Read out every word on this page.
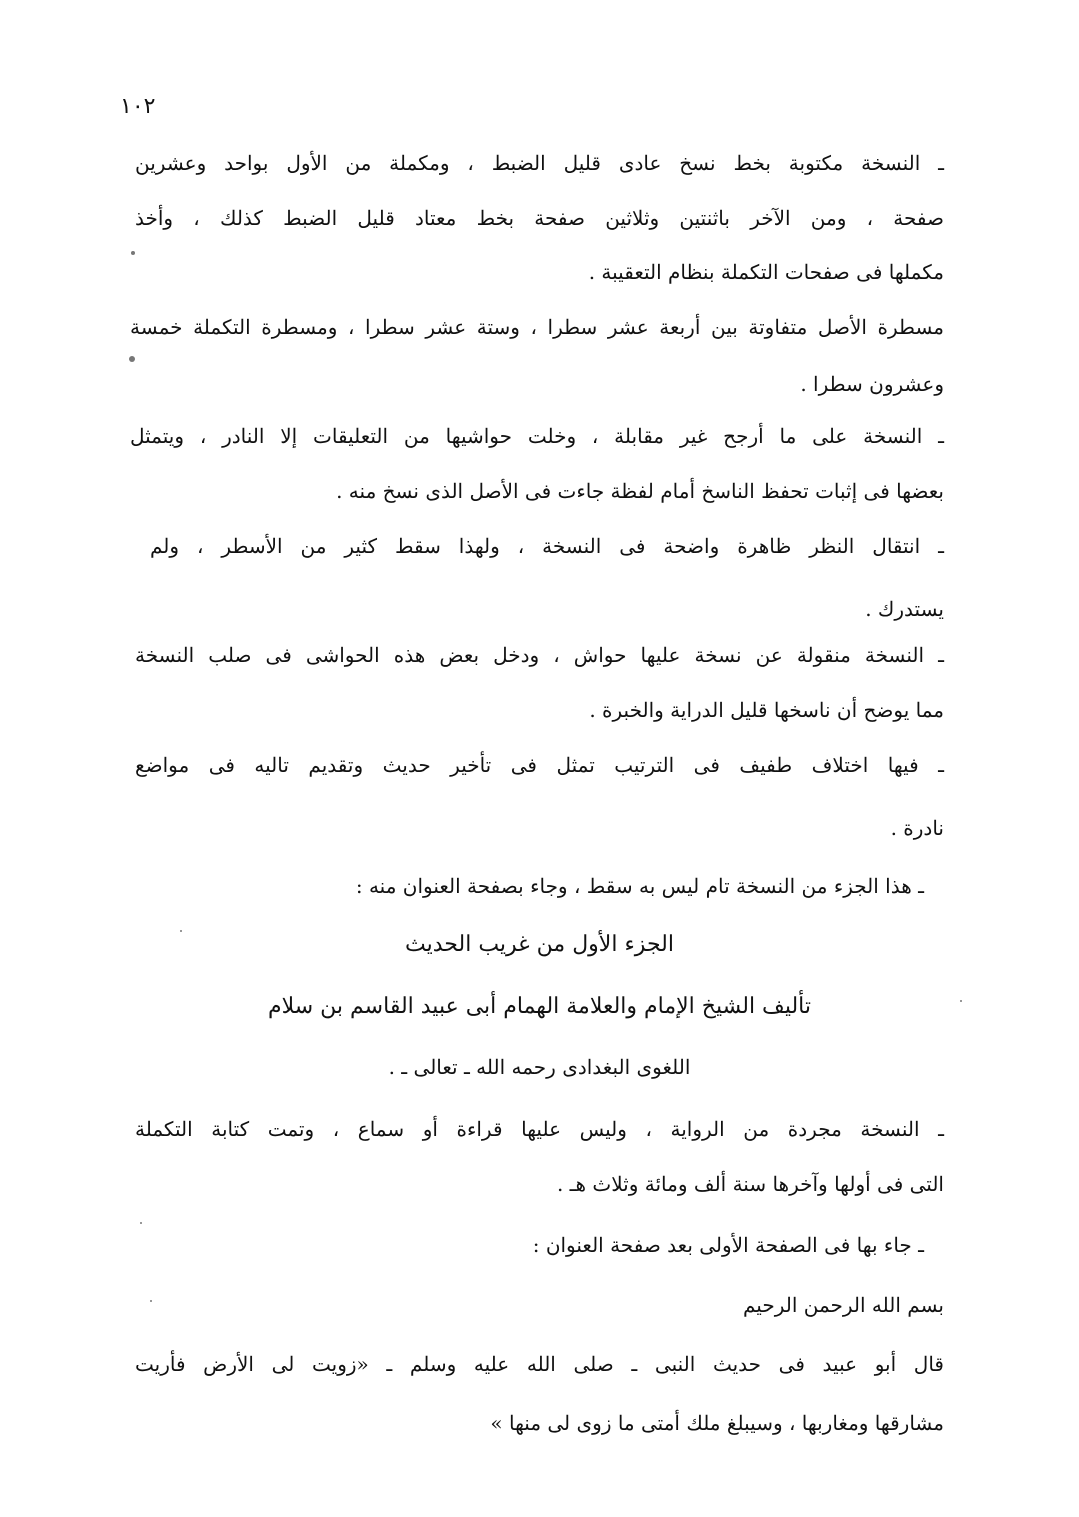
١٠٢
ـ النسخة مكتوبة بخط نسخ عادى قليل الضبط ، ومكملة من الأول بواحد وعشرين
صفحة ، ومن الآخر باثنتين وثلاثين صفحة بخط معتاد قليل الضبط كذلك ، وأخذ
مكملها فى صفحات التكملة بنظام التعقيبة .
مسطرة الأصل متفاوتة بين أربعة عشر سطرا ، وستة عشر سطرا ، ومسطرة التكملة خمسة
وعشرون سطرا .
ـ النسخة على ما أرجح غير مقابلة ، وخلت حواشيها من التعليقات إلا النادر ، ويتمثل
بعضها فى إثبات تحفظ الناسخ أمام لفظة جاءت فى الأصل الذى نسخ منه .
ـ انتقال النظر ظاهرة واضحة فى النسخة ، ولهذا سقط كثير من الأسطر ، ولم
يستدرك .
ـ النسخة منقولة عن نسخة عليها حواش ، ودخل بعض هذه الحواشى فى صلب النسخة
مما يوضح أن ناسخها قليل الدراية والخبرة .
ـ فيها اختلاف طفيف فى الترتيب تمثل فى تأخير حديث وتقديم تاليه فى مواضع
نادرة .
ـ هذا الجزء من النسخة تام ليس به سقط ، وجاء بصفحة العنوان منه :
الجزء الأول من غريب الحديث
تأليف الشيخ الإمام والعلامة الهمام أبى عبيد القاسم بن سلام
اللغوى البغدادى رحمه الله ـ تعالى ـ .
ـ النسخة مجردة من الرواية ، وليس عليها قراءة أو سماع ، وتمت كتابة التكملة
التى فى أولها وآخرها سنة ألف ومائة وثلاث هـ .
ـ جاء بها فى الصفحة الأولى بعد صفحة العنوان :
بسم الله الرحمن الرحيم
قال أبو عبيد فى حديث النبى ـ صلى الله عليه وسلم ـ «زويت لى الأرض فأريت
مشارقها ومغاربها ، وسيبلغ ملك أمتى ما زوى لى منها »
